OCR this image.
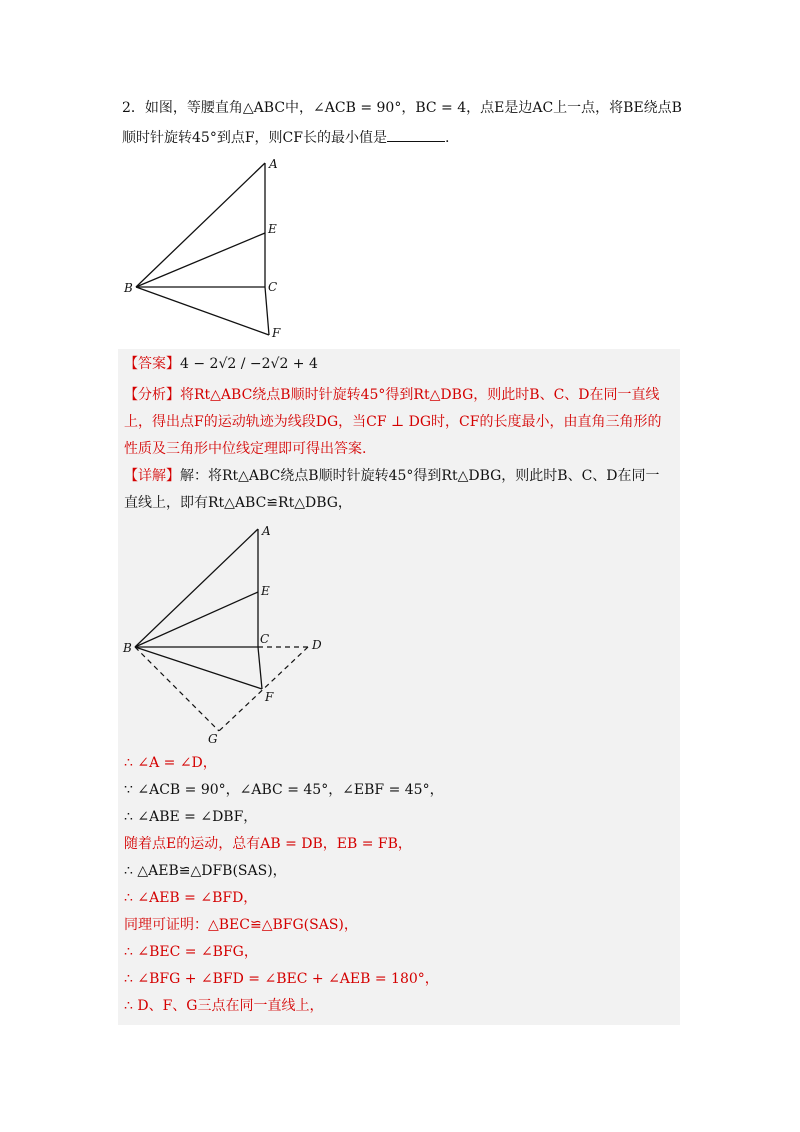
2．如图，等腰直角△ABC中，∠ACB = 90°，BC = 4，点E是边AC上一点，将BE绕点B
顺时针旋转45°到点F，则CF长的最小值是	.
A
E
B	C
F
【答案】4 − 2√2 / −2√2 + 4
【分析】将Rt△ABC绕点B顺时针旋转45°得到Rt△DBG，则此时B、C、D在同一直线
上，得出点F的运动轨迹为线段DG，当CF ⊥ DG时，CF的长度最小，由直角三角形的
性质及三角形中位线定理即可得出答案.
【详解】解：将Rt△ABC绕点B顺时针旋转45°得到Rt△DBG，则此时B、C、D在同一
直线上，即有Rt△ABC≌Rt△DBG，
A
E
B
C	D
F
G
∴ ∠A = ∠D，
∵ ∠ACB = 90°，∠ABC = 45°，∠EBF = 45°，
∴ ∠ABE = ∠DBF，
随着点E的运动，总有AB = DB，EB = FB，
∴ △AEB≌△DFB(SAS)，
∴ ∠AEB = ∠BFD，
同理可证明：△BEC≌△BFG(SAS)，
∴ ∠BEC = ∠BFG，
∴ ∠BFG + ∠BFD = ∠BEC + ∠AEB = 180°，
∴ D、F、G三点在同一直线上，
